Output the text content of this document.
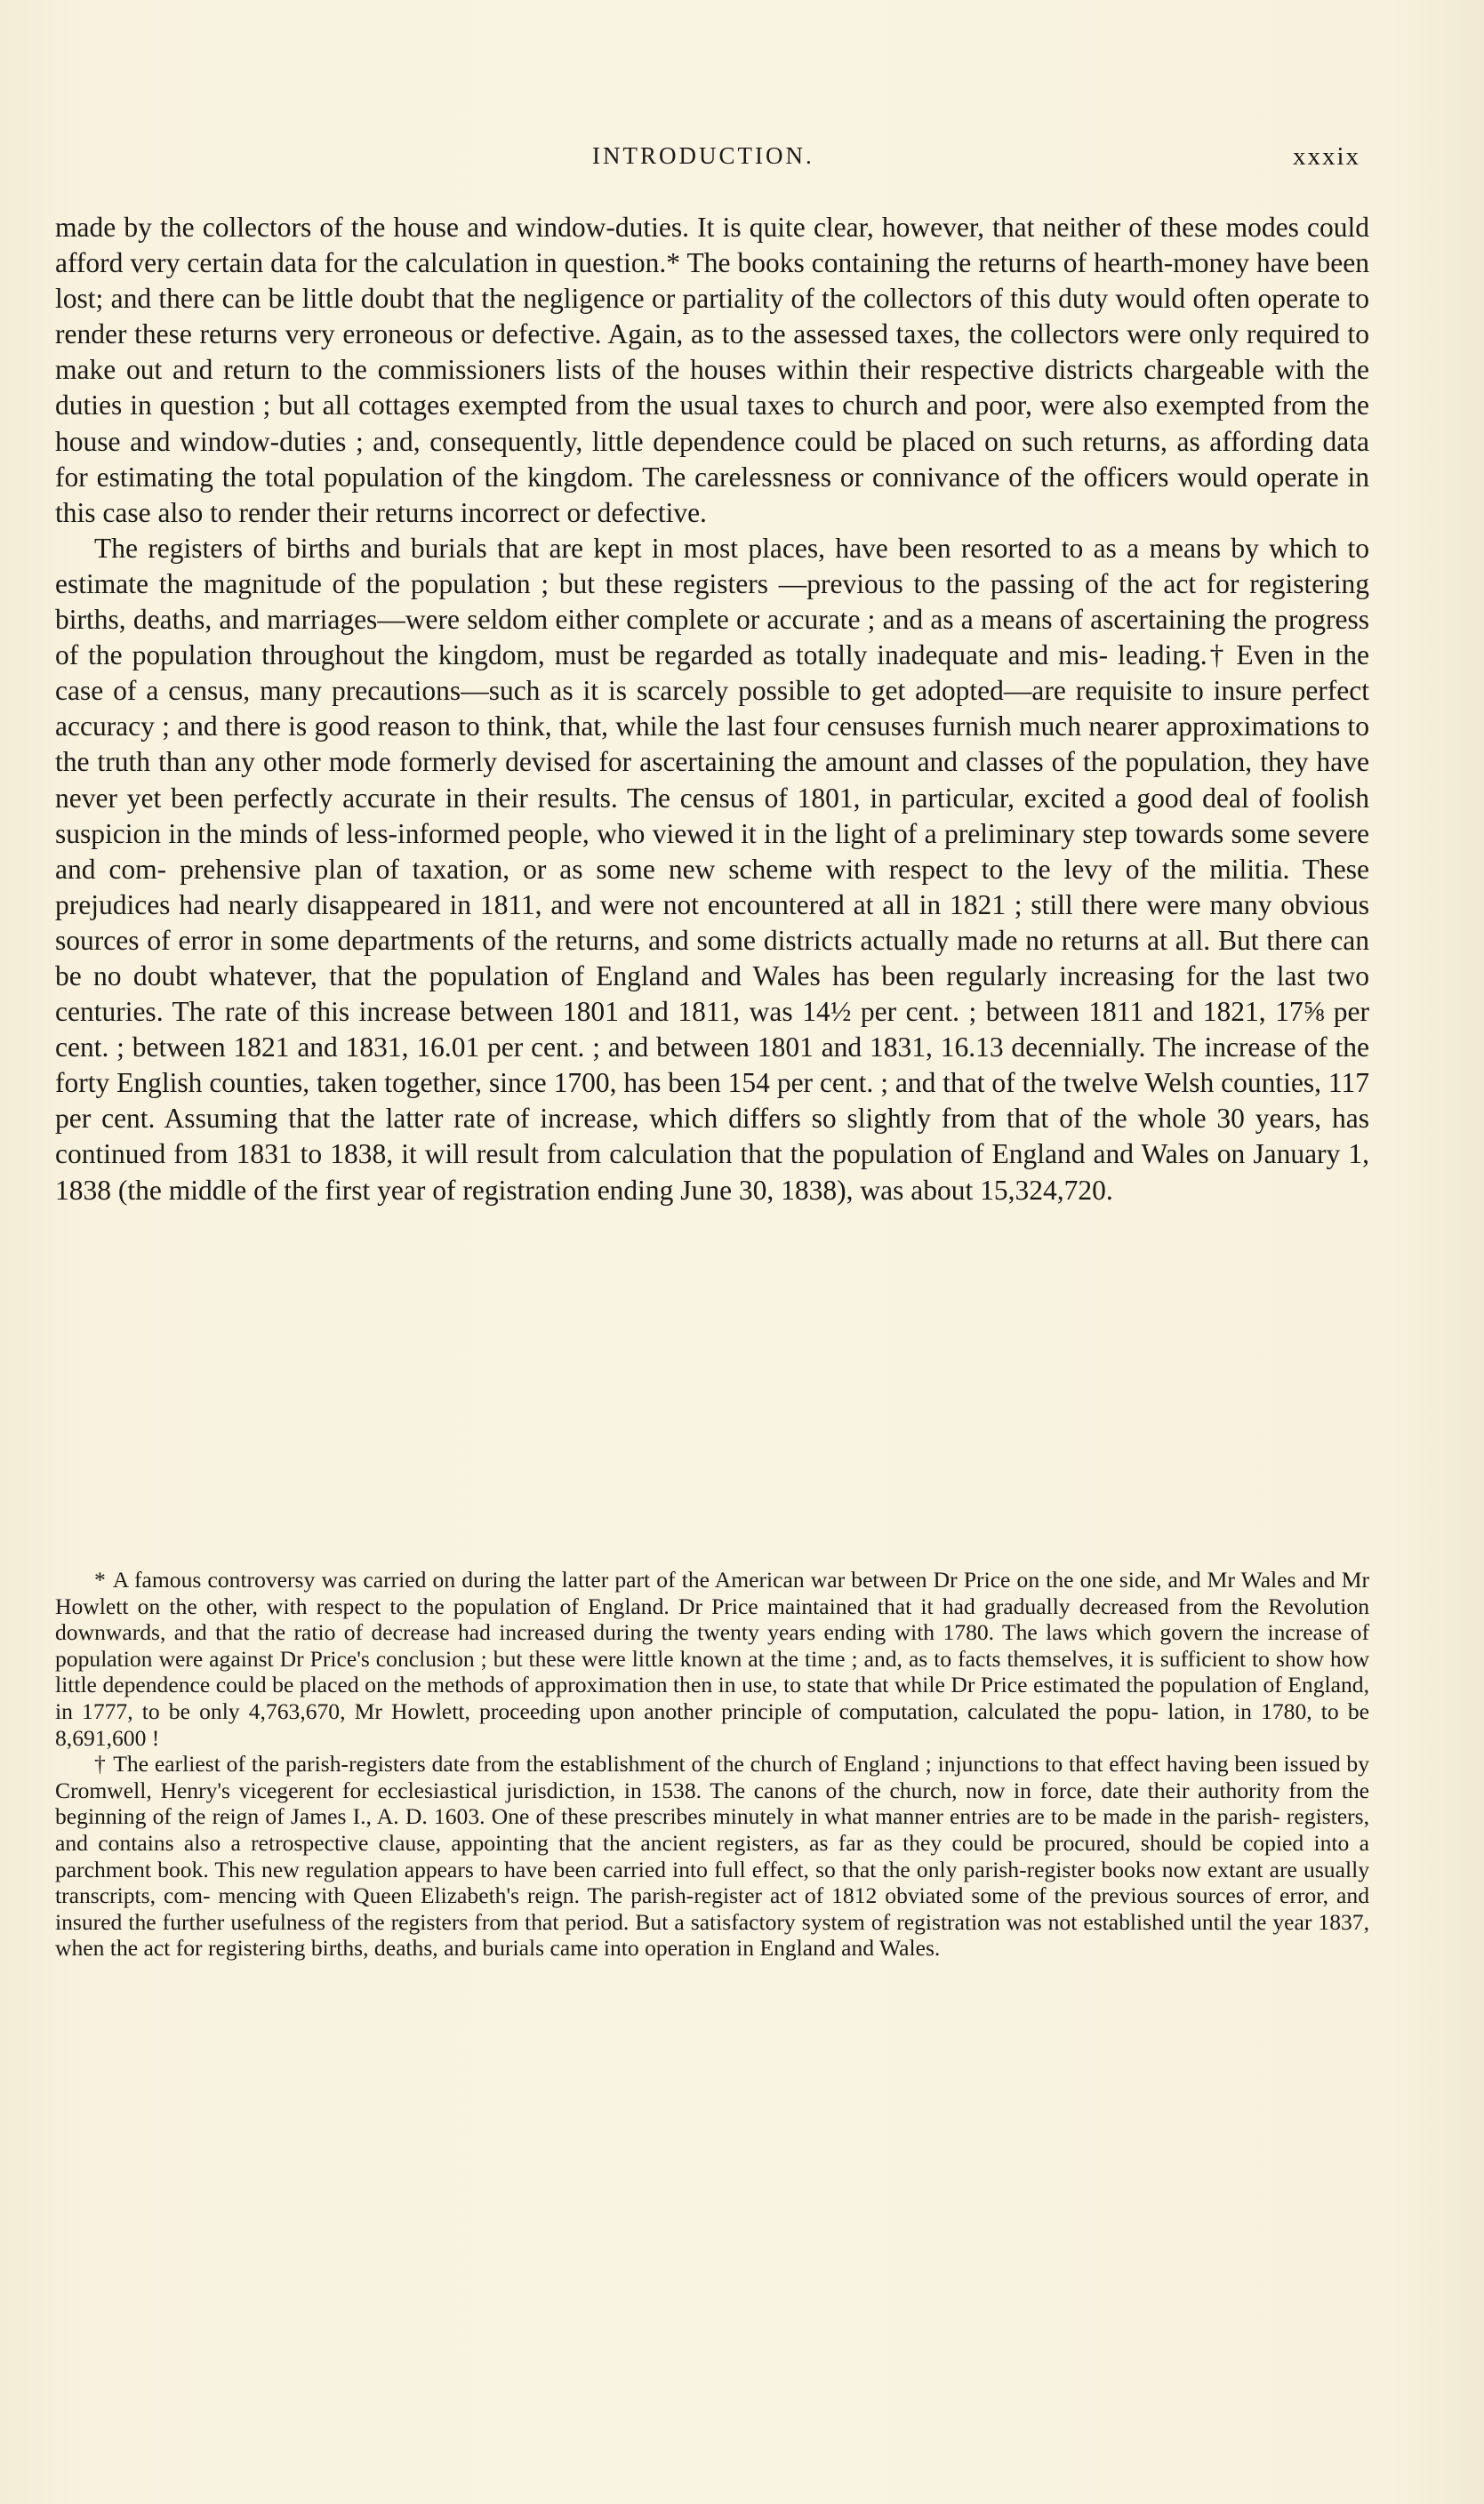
INTRODUCTION.	xxxix

made by the collectors of the house and window-duties. It is quite clear, however, that neither of these modes could afford very certain data for the calculation in question.* The books containing the returns of hearth-money have been lost; and there can be little doubt that the negligence or partiality of the collectors of this duty would often operate to render these returns very erroneous or defective. Again, as to the assessed taxes, the collectors were only required to make out and return to the commissioners lists of the houses within their respective districts chargeable with the duties in question ; but all cottages exempted from the usual taxes to church and poor, were also exempted from the house and window-duties ; and, consequently, little dependence could be placed on such returns, as affording data for estimating the total population of the kingdom. The carelessness or connivance of the officers would operate in this case also to render their returns incorrect or defective.

The registers of births and burials that are kept in most places, have been resorted to as a means by which to estimate the magnitude of the population ; but these registers —previous to the passing of the act for registering births, deaths, and marriages—were seldom either complete or accurate ; and as a means of ascertaining the progress of the population throughout the kingdom, must be regarded as totally inadequate and mis- leading.† Even in the case of a census, many precautions—such as it is scarcely possible to get adopted—are requisite to insure perfect accuracy ; and there is good reason to think, that, while the last four censuses furnish much nearer approximations to the truth than any other mode formerly devised for ascertaining the amount and classes of the population, they have never yet been perfectly accurate in their results. The census of 1801, in particular, excited a good deal of foolish suspicion in the minds of less-informed people, who viewed it in the light of a preliminary step towards some severe and com- prehensive plan of taxation, or as some new scheme with respect to the levy of the militia. These prejudices had nearly disappeared in 1811, and were not encountered at all in 1821 ; still there were many obvious sources of error in some departments of the returns, and some districts actually made no returns at all. But there can be no doubt whatever, that the population of England and Wales has been regularly increasing for the last two centuries. The rate of this increase between 1801 and 1811, was 14½ per cent. ; between 1811 and 1821, 17⅝ per cent. ; between 1821 and 1831, 16.01 per cent. ; and between 1801 and 1831, 16.13 decennially. The increase of the forty English counties, taken together, since 1700, has been 154 per cent. ; and that of the twelve Welsh counties, 117 per cent. Assuming that the latter rate of increase, which differs so slightly from that of the whole 30 years, has continued from 1831 to 1838, it will result from calculation that the population of England and Wales on January 1, 1838 (the middle of the first year of registration ending June 30, 1838), was about 15,324,720.

* A famous controversy was carried on during the latter part of the American war between Dr Price on the one side, and Mr Wales and Mr Howlett on the other, with respect to the population of England. Dr Price maintained that it had gradually decreased from the Revolution downwards, and that the ratio of decrease had increased during the twenty years ending with 1780. The laws which govern the increase of population were against Dr Price's conclusion ; but these were little known at the time ; and, as to facts themselves, it is sufficient to show how little dependence could be placed on the methods of approximation then in use, to state that while Dr Price estimated the population of England, in 1777, to be only 4,763,670, Mr Howlett, proceeding upon another principle of computation, calculated the popu- lation, in 1780, to be 8,691,600 !

† The earliest of the parish-registers date from the establishment of the church of England ; injunctions to that effect having been issued by Cromwell, Henry's vicegerent for ecclesiastical jurisdiction, in 1538. The canons of the church, now in force, date their authority from the beginning of the reign of James I., A. D. 1603. One of these prescribes minutely in what manner entries are to be made in the parish- registers, and contains also a retrospective clause, appointing that the ancient registers, as far as they could be procured, should be copied into a parchment book. This new regulation appears to have been carried into full effect, so that the only parish-register books now extant are usually transcripts, com- mencing with Queen Elizabeth's reign. The parish-register act of 1812 obviated some of the previous sources of error, and insured the further usefulness of the registers from that period. But a satisfactory system of registration was not established until the year 1837, when the act for registering births, deaths, and burials came into operation in England and Wales.
